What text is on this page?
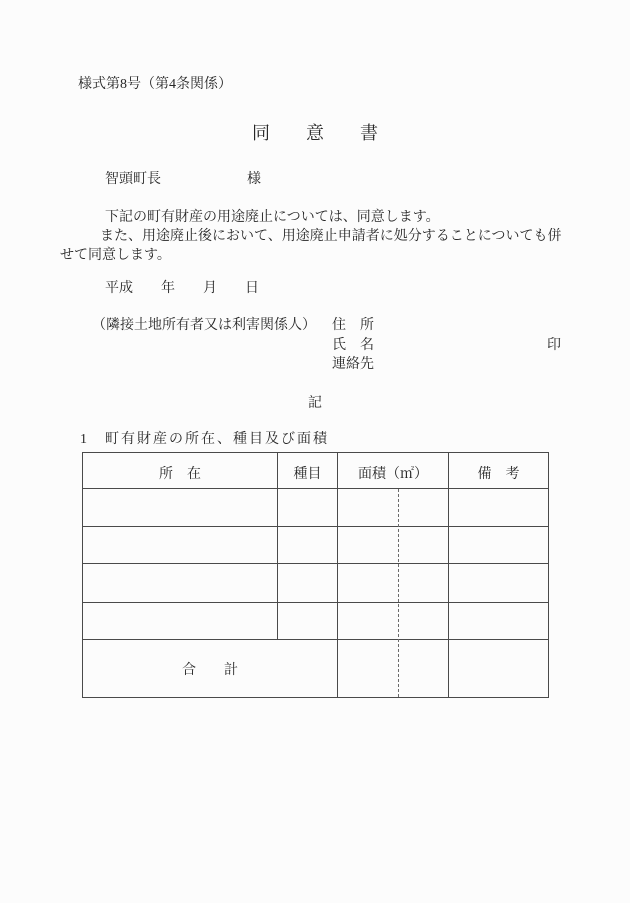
様式第8号（第4条関係）
同　　意　　書
智頭町長	様
下記の町有財産の用途廃止については、同意します。
また、用途廃止後において、用途廃止申請者に処分することについても併
せて同意します。
平成　　年　　月　　日
（隣接土地所有者又は利害関係人） 住　所
氏　名
連絡先
印
記
1 町有財産の所在、種目及び面積
所　在	種目	面積（㎡）	備　考

合　　計			
